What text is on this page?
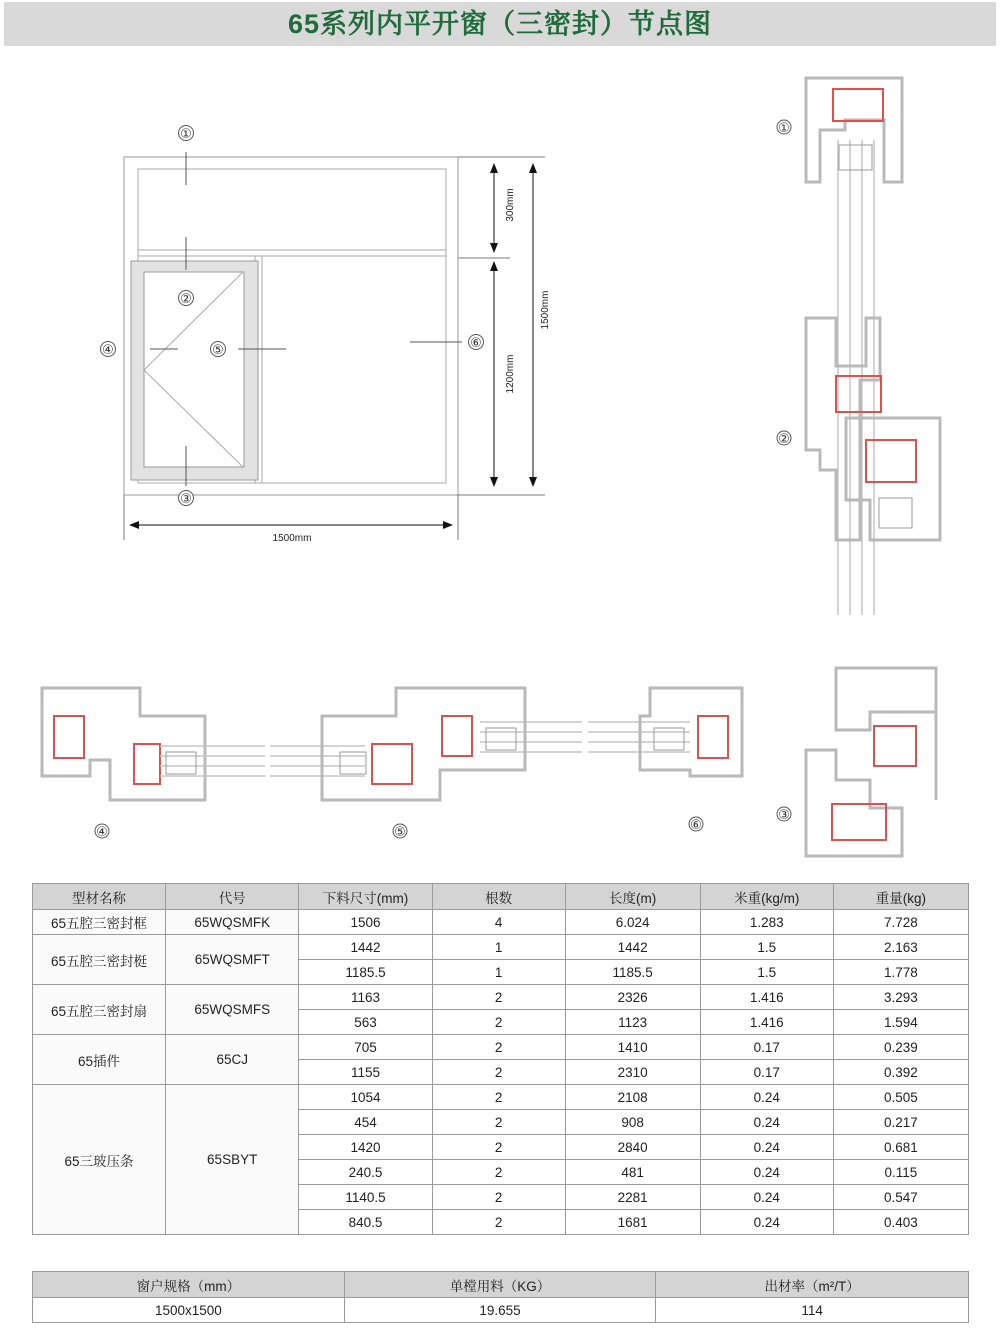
65系列内平开窗（三密封）节点图
①
②
③
④	⑤	⑥
300mm
1200mm
1500mm
1500mm
①
②
③
④	⑤	⑥
型材名称	代号	下料尺寸(mm)	根数	长度(m)	米重(kg/m)	重量(kg)
65五腔三密封框	65WQSMFK	1506	4	6.024	1.283	7.728
65五腔三密封梃	65WQSMFT	1442	1	1442	1.5	2.163
		1185.5	1	1185.5	1.5	1.778
65五腔三密封扇	65WQSMFS	1163	2	2326	1.416	3.293
		563	2	1123	1.416	1.594
65插件	65CJ	705	2	1410	0.17	0.239
		1155	2	2310	0.17	0.392
65三玻压条	65SBYT	1054	2	2108	0.24	0.505
		454	2	908	0.24	0.217
		1420	2	2840	0.24	0.681
		240.5	2	481	0.24	0.115
		1140.5	2	2281	0.24	0.547
		840.5	2	1681	0.24	0.403
窗户规格（mm）	单樘用料（KG）	出材率（m²/T）
1500x1500	19.655	114
